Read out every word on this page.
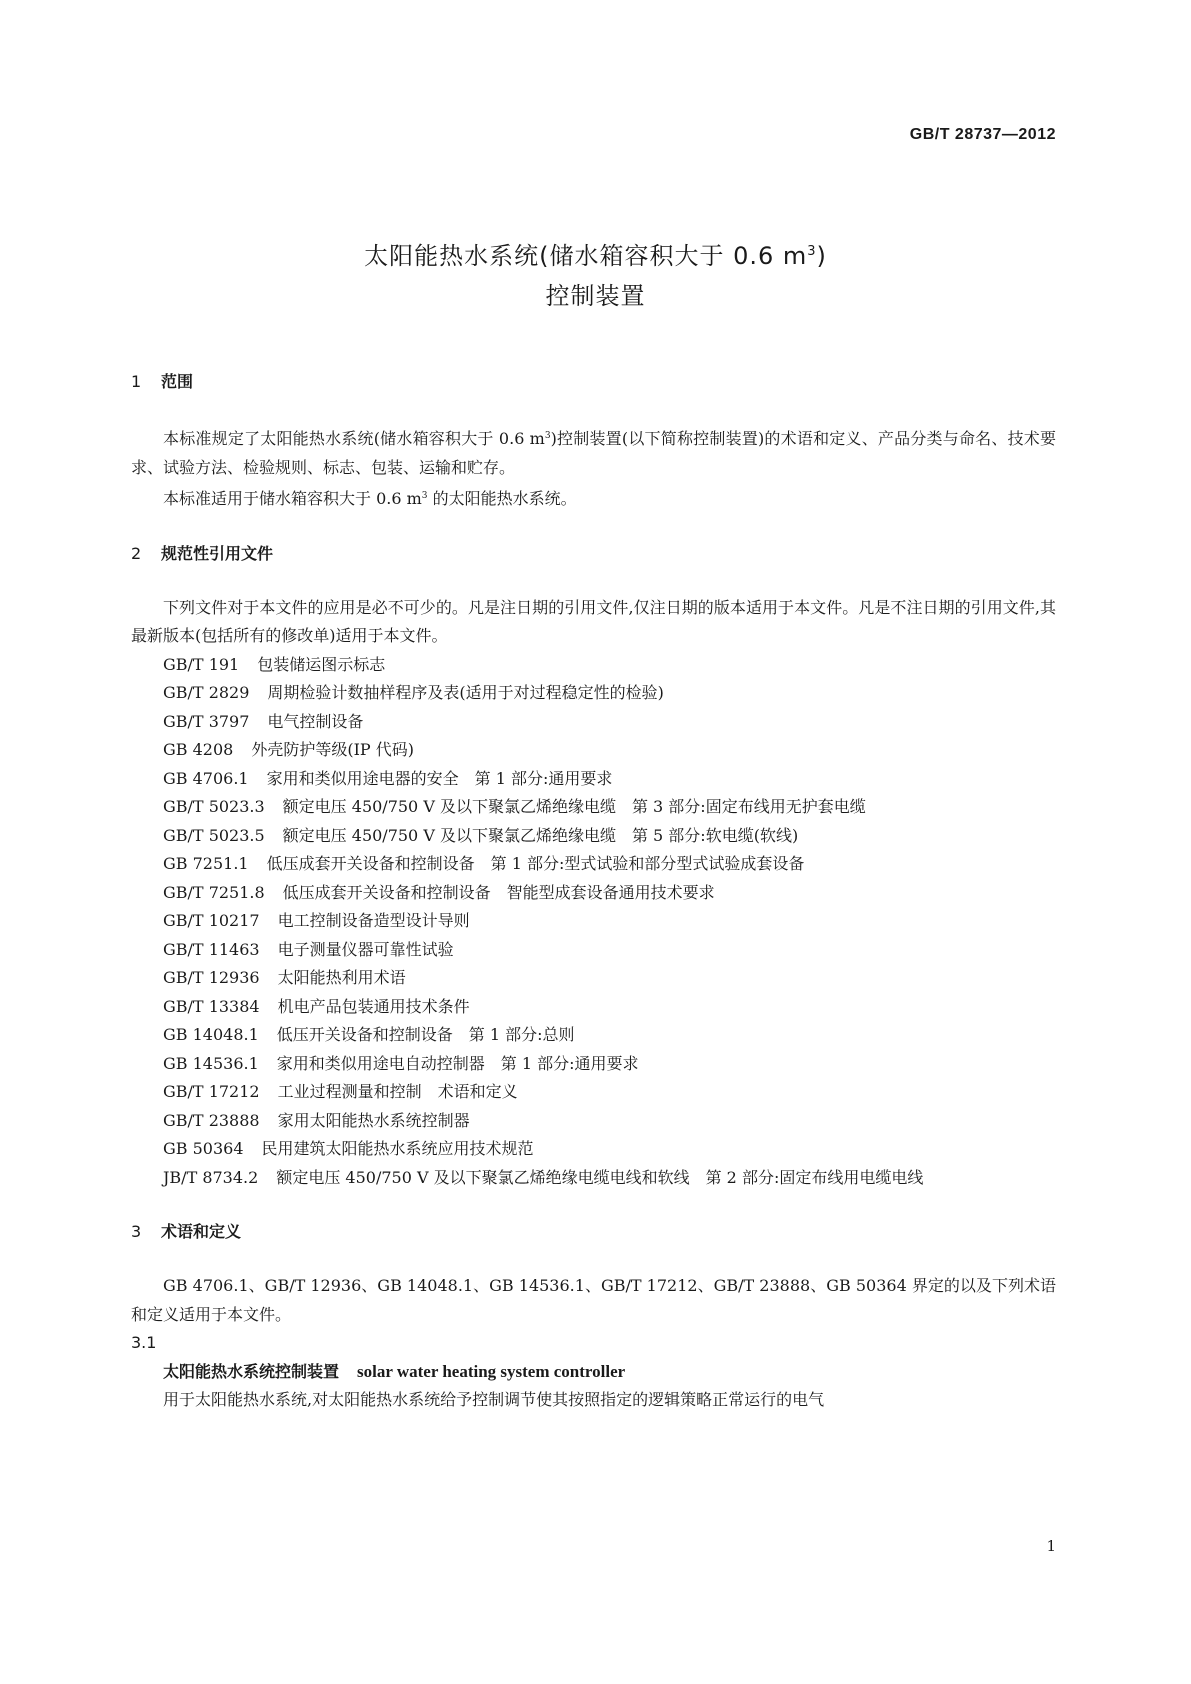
GB/T 28737—2012
太阳能热水系统(储水箱容积大于 0.6 $m^3$)
控制装置
1 范围

本标准规定了太阳能热水系统(储水箱容积大于 0.6 $m^3$)控制装置(以下简称控制装置)的术语和定义、产品分类与命名、技术要求、试验方法、检验规则、标志、包装、运输和贮存。

本标准适用于储水箱容积大于 0.6 $m^3$ 的太阳能热水系统。

2 规范性引用文件

下列文件对于本文件的应用是必不可少的。凡是注日期的引用文件,仅注日期的版本适用于本文件。凡是不注日期的引用文件,其最新版本(包括所有的修改单)适用于本文件。

GB/T 191 包装储运图示标志
GB/T 2829 周期检验计数抽样程序及表(适用于对过程稳定性的检验)
GB/T 3797 电气控制设备
GB 4208 外壳防护等级(IP 代码)
GB 4706.1 家用和类似用途电器的安全　第 1 部分:通用要求
GB/T 5023.3 额定电压 450/750 V 及以下聚氯乙烯绝缘电缆　第 3 部分:固定布线用无护套电缆
GB/T 5023.5 额定电压 450/750 V 及以下聚氯乙烯绝缘电缆　第 5 部分:软电缆(软线)
GB 7251.1 低压成套开关设备和控制设备　第 1 部分:型式试验和部分型式试验成套设备
GB/T 7251.8 低压成套开关设备和控制设备　智能型成套设备通用技术要求
GB/T 10217 电工控制设备造型设计导则
GB/T 11463 电子测量仪器可靠性试验
GB/T 12936 太阳能热利用术语
GB/T 13384 机电产品包装通用技术条件
GB 14048.1 低压开关设备和控制设备　第 1 部分:总则
GB 14536.1 家用和类似用途电自动控制器　第 1 部分:通用要求
GB/T 17212 工业过程测量和控制　术语和定义
GB/T 23888 家用太阳能热水系统控制器
GB 50364 民用建筑太阳能热水系统应用技术规范
JB/T 8734.2 额定电压 450/750 V 及以下聚氯乙烯绝缘电缆电线和软线　第 2 部分:固定布线用电缆电线
3 术语和定义

GB 4706.1、GB/T 12936、GB 14048.1、GB 14536.1、GB/T 17212、GB/T 23888、GB 50364 界定的以及下列术语和定义适用于本文件。

3.1

太阳能热水系统控制装置 solar water heating system controller

用于太阳能热水系统,对太阳能热水系统给予控制调节使其按照指定的逻辑策略正常运行的电气

1
